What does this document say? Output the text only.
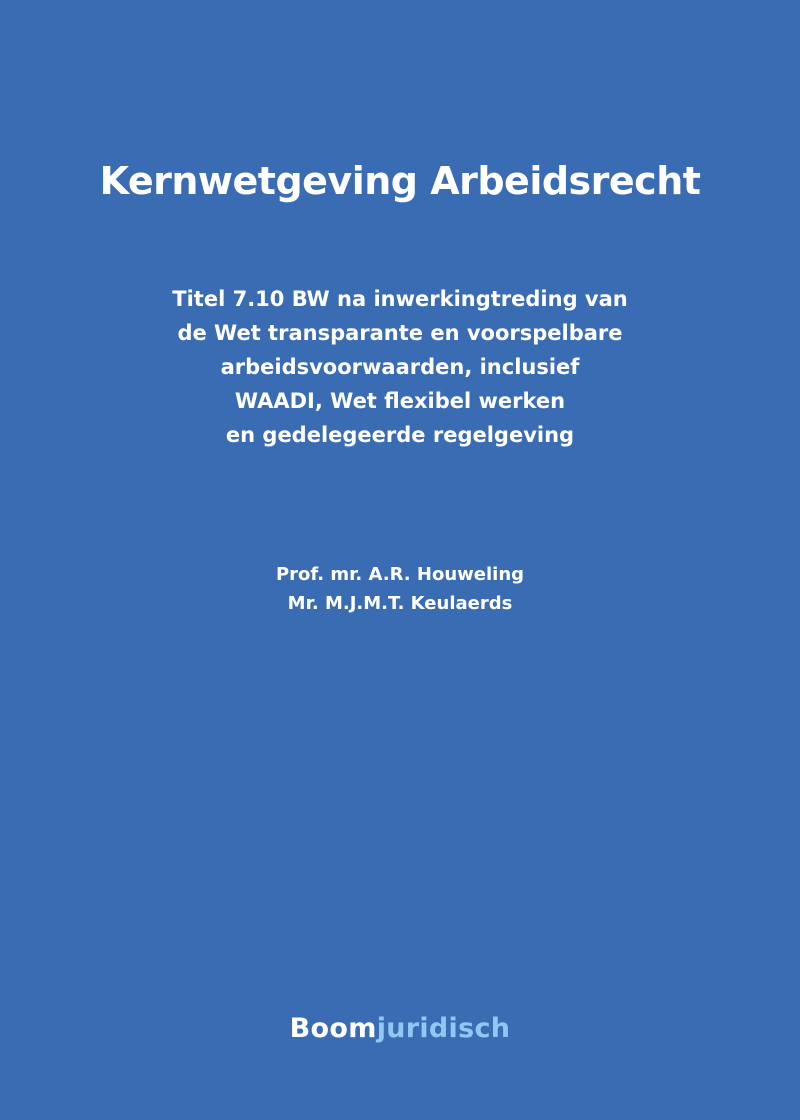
Kernwetgeving Arbeidsrecht
Titel 7.10 BW na inwerkingtreding van
de Wet transparante en voorspelbare
arbeidsvoorwaarden, inclusief
WAADI, Wet flexibel werken
en gedelegeerde regelgeving
Prof. mr. A.R. Houweling
Mr. M.J.M.T. Keulaerds
Boomjuridisch
